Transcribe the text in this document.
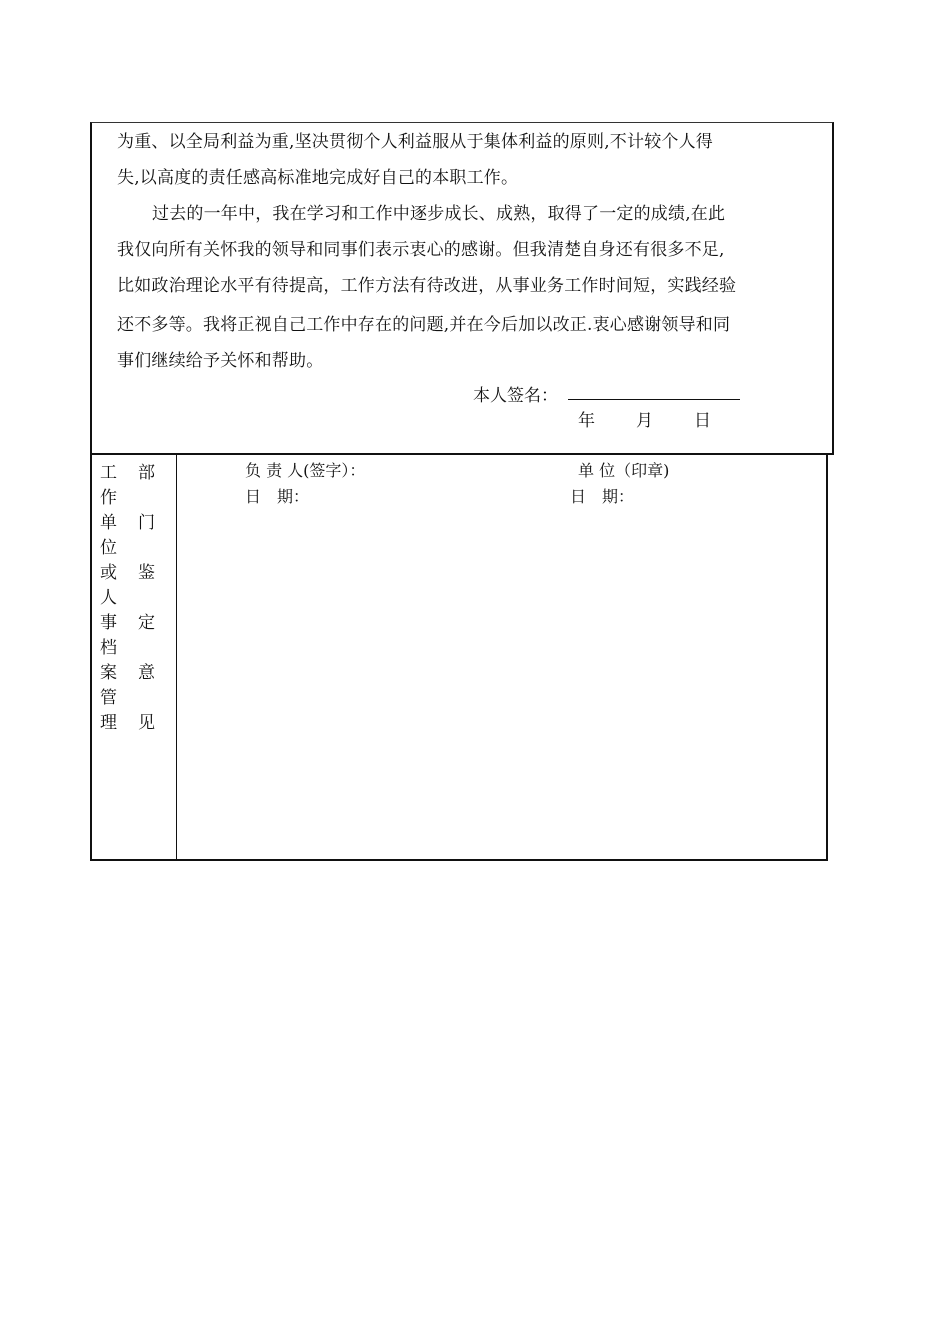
为重、以全局利益为重,坚决贯彻个人利益服从于集体利益的原则,不计较个人得
失,以高度的责任感高标准地完成好自己的本职工作。
过去的一年中，我在学习和工作中逐步成长、成熟，取得了一定的成绩,在此
我仅向所有关怀我的领导和同事们表示衷心的感谢。但我清楚自身还有很多不足,
比如政治理论水平有待提高，工作方法有待改进，从事业务工作时间短，实践经验
还不多等。我将正视自己工作中存在的问题,并在今后加以改正.衷心感谢领导和同
事们继续给予关怀和帮助。
本人签名：
年 月 日
工
作
单
位
或
人
事
档
案
管
理
部
门
鉴
定
意
见
负 责 人(签字）：
日　期：
单 位（印章)
日　期：
